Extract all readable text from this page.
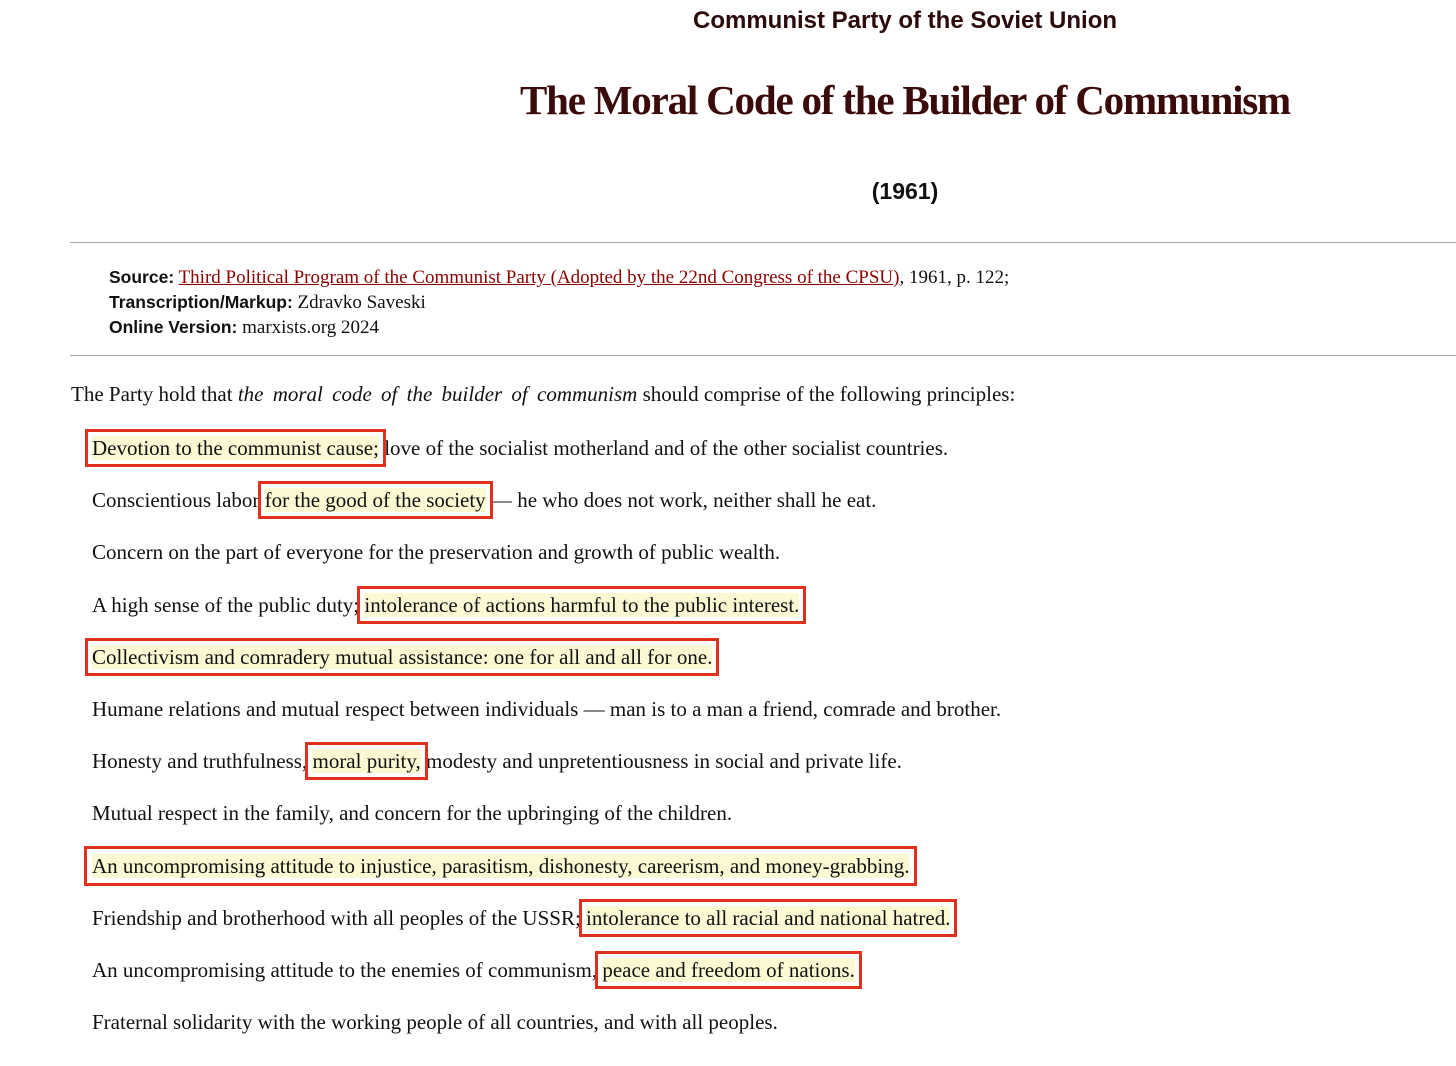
Communist Party of the Soviet Union
The Moral Code of the Builder of Communism
(1961)
Source: Third Political Program of the Communist Party (Adopted by the 22nd Congress of the CPSU), 1961, p. 122;
Transcription/Markup: Zdravko Saveski
Online Version: marxists.org 2024

The Party hold that the moral code of the builder of communism should comprise of the following principles:

Devotion to the communist cause; love of the socialist motherland and of the other socialist countries.
Conscientious labor for the good of the society — he who does not work, neither shall he eat.
Concern on the part of everyone for the preservation and growth of public wealth.
A high sense of the public duty; intolerance of actions harmful to the public interest.
Collectivism and comradery mutual assistance: one for all and all for one.
Humane relations and mutual respect between individuals — man is to a man a friend, comrade and brother.
Honesty and truthfulness, moral purity, modesty and unpretentiousness in social and private life.
Mutual respect in the family, and concern for the upbringing of the children.
An uncompromising attitude to injustice, parasitism, dishonesty, careerism, and money-grabbing.
Friendship and brotherhood with all peoples of the USSR; intolerance to all racial and national hatred.
An uncompromising attitude to the enemies of communism, peace and freedom of nations.
Fraternal solidarity with the working people of all countries, and with all peoples.
